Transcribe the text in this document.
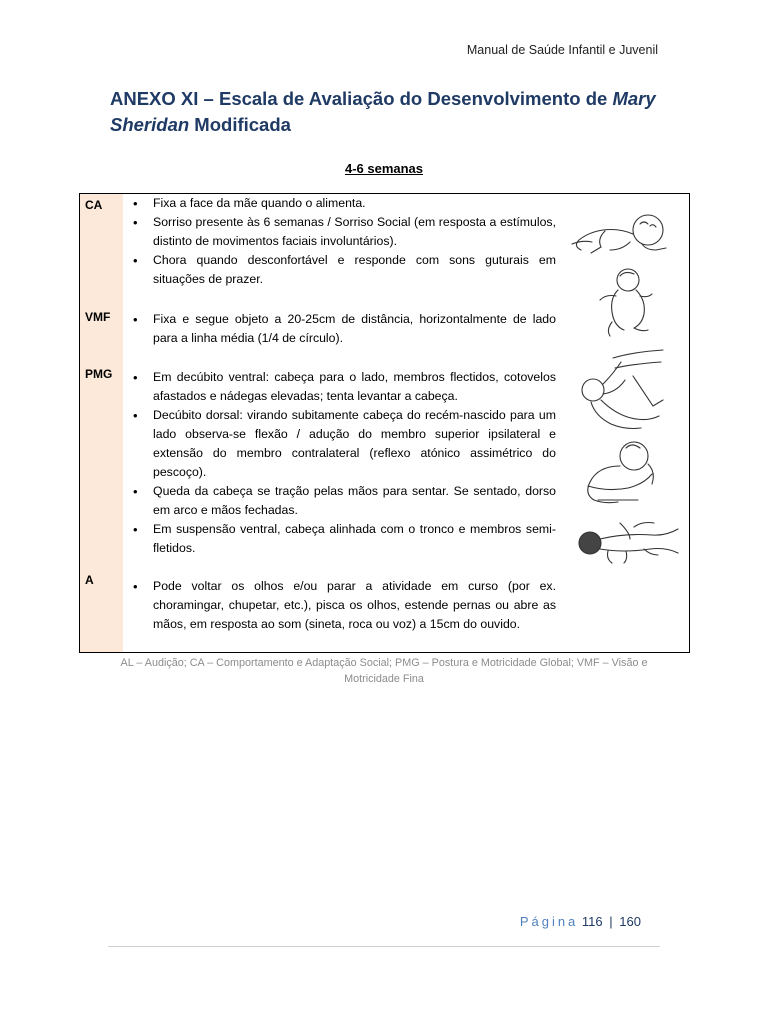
Manual de Saúde Infantil e Juvenil
ANEXO XI – Escala de Avaliação do Desenvolvimento de Mary Sheridan Modificada
4-6 semanas
CA
VMF
PMG
A
• Fixa a face da mãe quando o alimenta.
• Sorriso presente às 6 semanas / Sorriso Social (em resposta a estímulos, distinto de movimentos faciais involuntários).
• Chora quando desconfortável e responde com sons guturais em situações de prazer.
• Fixa e segue objeto a 20-25cm de distância, horizontalmente de lado para a linha média (1/4 de círculo).
• Em decúbito ventral: cabeça para o lado, membros flectidos, cotovelos afastados e nádegas elevadas; tenta levantar a cabeça.
• Decúbito dorsal: virando subitamente cabeça do recém-nascido para um lado observa-se flexão / adução do membro superior ipsilateral e extensão do membro contralateral (reflexo atónico assimétrico do pescoço).
• Queda da cabeça se tração pelas mãos para sentar. Se sentado, dorso em arco e mãos fechadas.
• Em suspensão ventral, cabeça alinhada com o tronco e membros semi-fletidos.
• Pode voltar os olhos e/ou parar a atividade em curso (por ex. choramingar, chupetar, etc.), pisca os olhos, estende pernas ou abre as mãos, em resposta ao som (sineta, roca ou voz) a 15cm do ouvido.
AL – Audição; CA – Comportamento e Adaptação Social; PMG – Postura e Motricidade Global; VMF – Visão e Motricidade Fina
Página 116 | 160
